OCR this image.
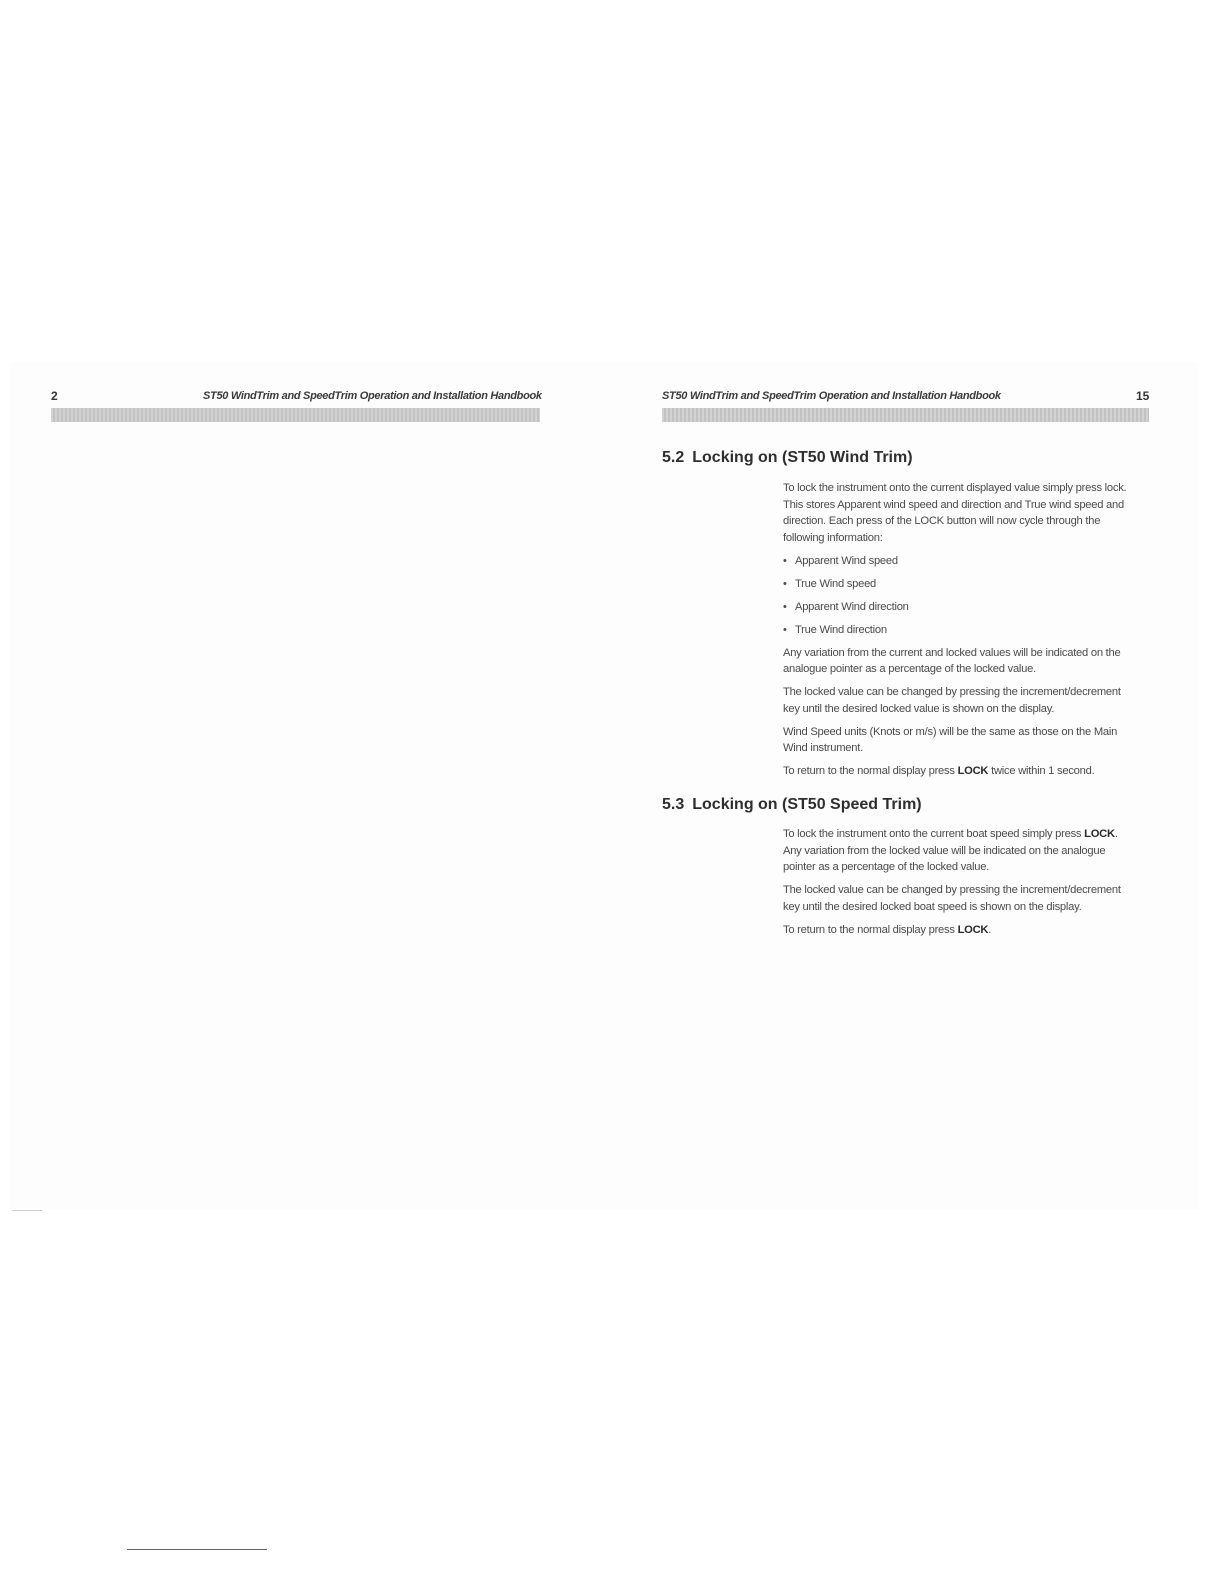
2	ST50 WindTrim and SpeedTrim Operation and Installation Handbook	ST50 WindTrim and SpeedTrim Operation and Installation Handbook	15
5.2 Locking on (ST50 Wind Trim)

To lock the instrument onto the current displayed value simply press lock.
This stores Apparent wind speed and direction and True wind speed and
direction. Each press of the LOCK button will now cycle through the
following information:

• Apparent Wind speed
• True Wind speed
• Apparent Wind direction
• True Wind direction

Any variation from the current and locked values will be indicated on the
analogue pointer as a percentage of the locked value.

The locked value can be changed by pressing the increment/decrement
key until the desired locked value is shown on the display.

Wind Speed units (Knots or m/s) will be the same as those on the Main
Wind instrument.

To return to the normal display press LOCK twice within 1 second.

5.3 Locking on (ST50 Speed Trim)

To lock the instrument onto the current boat speed simply press LOCK.
Any variation from the locked value will be indicated on the analogue
pointer as a percentage of the locked value.

The locked value can be changed by pressing the increment/decrement
key until the desired locked boat speed is shown on the display.

To return to the normal display press LOCK.
